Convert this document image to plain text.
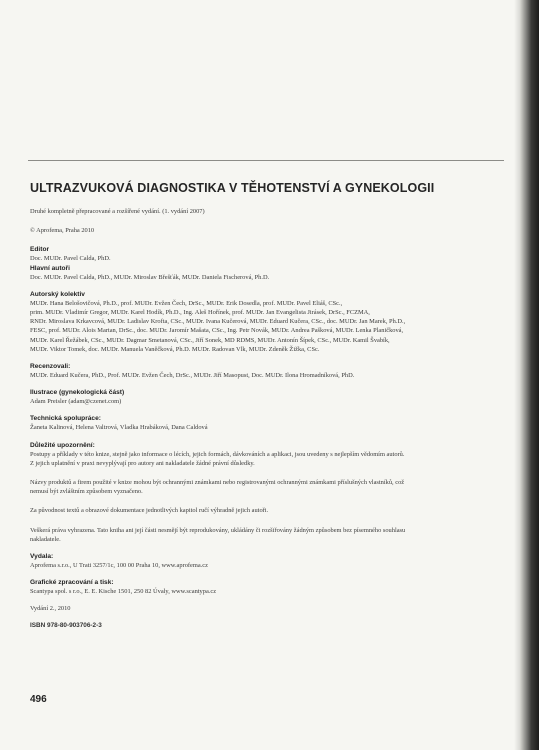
ULTRAZVUKOVÁ DIAGNOSTIKA V TĚHOTENSTVÍ A GYNEKOLOGII
Druhé kompletně přepracované a rozšířené vydání. (1. vydání 2007)
© Aprofema, Praha 2010
Editor
Doc. MUDr. Pavel Calda, PhD.
Hlavní autoři
Doc. MUDr. Pavel Calda, PhD., MUDr. Miroslav Břešťák, MUDr. Daniela Fischerová, Ph.D.
Autorský kolektiv
MUDr. Hana Belošovičová, Ph.D., prof. MUDr. Evžen Čech, DrSc., MUDr. Erik Dosedla, prof. MUDr. Pavel Eliáš, CSc.,
prim. MUDr. Vladimír Gregor, MUDr. Karel Hodík, Ph.D., Ing. Aleš Hořínek, prof. MUDr. Jan Evangelista Jirásek, DrSc., FCZMA,
RNDr. Miroslava Krkavcová, MUDr. Ladislav Krofta, CSc., MUDr. Ivana Kučerová, MUDr. Eduard Kučera, CSc., doc. MUDr. Jan Marek, Ph.D.,
FESC, prof. MUDr. Alois Martan, DrSc., doc. MUDr. Jaromír Mašata, CSc., Ing. Petr Novák, MUDr. Andrea Pašková, MUDr. Lenka Planičková,
MUDr. Karel Řežábek, CSc., MUDr. Dagmar Smetanová, CSc., Jiří Sonek, MD RDMS, MUDr. Antonín Šípek, CSc., MUDr. Kamil Švabík,
MUDr. Viktor Tomek, doc. MUDr. Manuela Vaněčková, Ph.D. MUDr. Radovan Vlk, MUDr. Zdeněk Žižka, CSc.
Recenzovali:
MUDr. Eduard Kučera, PhD., Prof. MUDr. Evžen Čech, DrSc., MUDr. Jiří Masopust, Doc. MUDr. Ilona Hromadníková, PhD.
Ilustrace (gynekologická část)
Adam Preisler (adam@czenet.com)
Technická spolupráce:
Žaneta Kalinová, Helena Valtrová, Vladka Hrabáková, Dana Caldová
Důležité upozornění:
Postupy a příklady v této knize, stejně jako informace o lécích, jejich formách, dávkováních a aplikaci, jsou uvedeny s nejlepším vědomím autorů.
Z jejich uplatnění v praxi nevyplývají pro autory ani nakladatele žádné právní důsledky.
Názvy produktů a firem použité v knize mohou být ochrannými známkami nebo registrovanými ochrannými známkami příslušných vlastníků, což
nemusí být zvláštním způsobem vyznačeno.
Za původnost textů a obrazové dokumentace jednotlivých kapitol ručí výhradně jejich autoři.
Veškerá práva vyhrazena. Tato kniha ani její části nesmějí být reprodukovány, ukládány či rozšiřovány žádným způsobem bez písemného souhlasu
nakladatele.
Vydala:
Aprofema s.r.o., U Trati 3257/1c, 100 00 Praha 10, www.aprofema.cz
Grafické zpracování a tisk:
Scantypa spol. s r.o., E. E. Kische 1501, 250 82 Úvaly, www.scantypa.cz
Vydání 2., 2010
ISBN 978-80-903706-2-3
496
